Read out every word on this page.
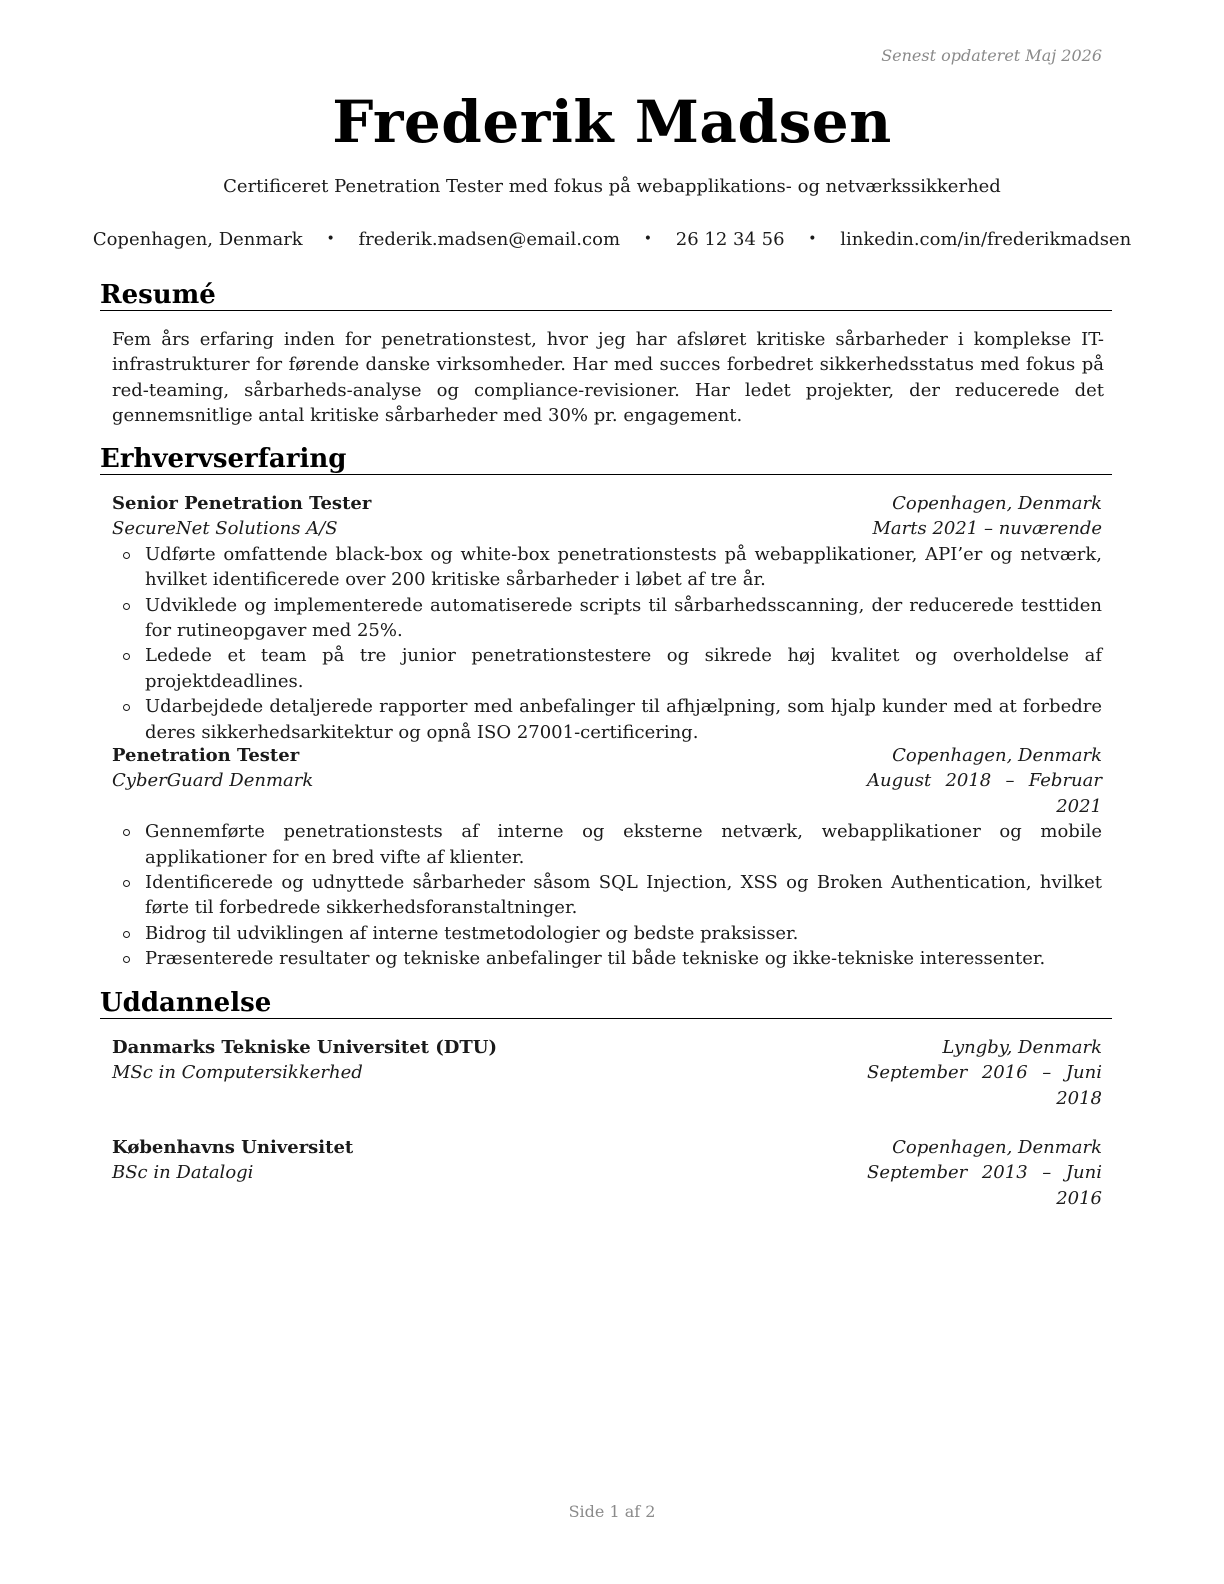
Senest opdateret Maj 2026
Frederik Madsen
Certificeret Penetration Tester med fokus på webapplikations- og netværkssikkerhed
Copenhagen, Denmark • frederik.madsen@email.com • 26 12 34 56 • linkedin.com/in/frederikmadsen
Resumé
Fem års erfaring inden for penetrationstest, hvor jeg har afsløret kritiske sårbarheder i komplekse IT-infrastrukturer for førende danske virksomheder. Har med succes forbedret sikkerhedsstatus med fokus på red-teaming, sårbarheds-analyse og compliance-revisioner. Har ledet projekter, der reducerede det gennemsnitlige antal kritiske sårbarheder med 30% pr. engagement.
Erhvervserfaring
Senior Penetration Tester	Copenhagen, Denmark
SecureNet Solutions A/S	Marts 2021 – nuværende
Udførte omfattende black-box og white-box penetrationstests på webapplikationer, API’er og netværk, hvilket identificerede over 200 kritiske sårbarheder i løbet af tre år.
Udviklede og implementerede automatiserede scripts til sårbarhedsscanning, der reducerede testtiden for rutineopgaver med 25%.
Ledede et team på tre junior penetrationstestere og sikrede høj kvalitet og overholdelse af projektdeadlines.
Udarbejdede detaljerede rapporter med anbefalinger til afhjælpning, som hjalp kunder med at forbedre deres sikkerhedsarkitektur og opnå ISO 27001-certificering.
Penetration Tester	Copenhagen, Denmark
CyberGuard Denmark	August 2018 – Februar 2021
Gennemførte penetrationstests af interne og eksterne netværk, webapplikationer og mobile applikationer for en bred vifte af klienter.
Identificerede og udnyttede sårbarheder såsom SQL Injection, XSS og Broken Authentication, hvilket førte til forbedrede sikkerhedsforanstaltninger.
Bidrog til udviklingen af interne testmetodologier og bedste praksisser.
Præsenterede resultater og tekniske anbefalinger til både tekniske og ikke-tekniske interessenter.
Uddannelse
Danmarks Tekniske Universitet (DTU)	Lyngby, Denmark
MSc in Computersikkerhed	September 2016 – Juni 2018
Københavns Universitet	Copenhagen, Denmark
BSc in Datalogi	September 2013 – Juni 2016
Side 1 af 2
